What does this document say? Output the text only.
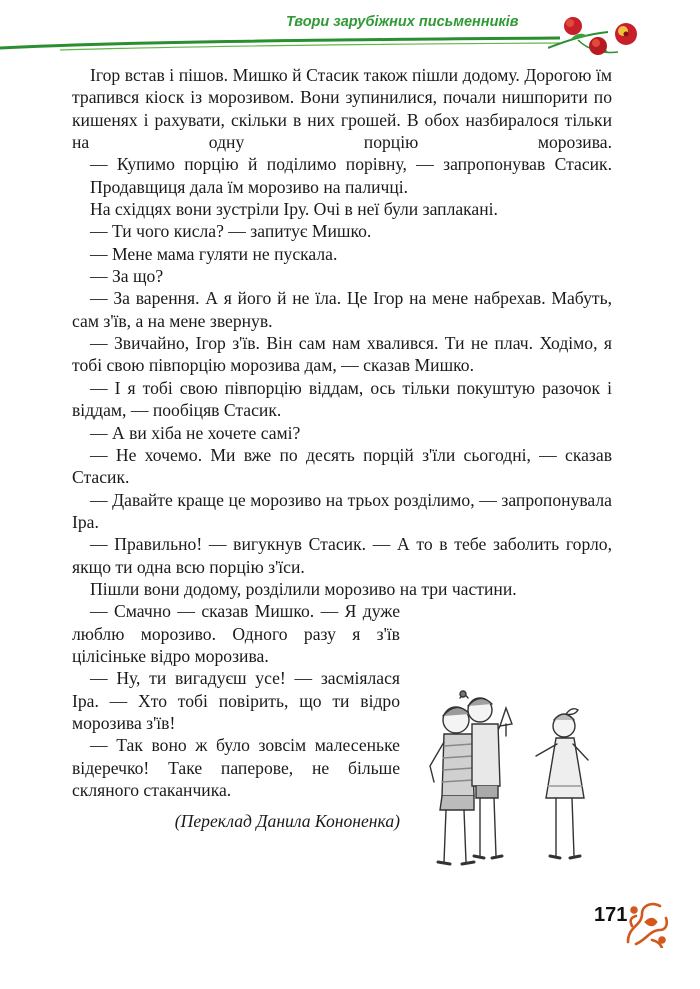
Твори зарубіжних письменників

Ігор встав і пішов. Мишко й Стасик також пішли додому. Дорогою їм трапився кіоск із морозивом. Вони зупинилися, почали нишпорити по кишенях і рахувати, скільки в них грошей. В обох назбиралося тільки на одну порцію морозива.

— Купимо порцію й поділимо порівну, — запропонував Стасик.

Продавщиця дала їм морозиво на паличці.

На східцях вони зустріли Іру. Очі в неї були заплакані.

— Ти чого кисла? — запитує Мишко.

— Мене мама гуляти не пускала.

— За що?

— За варення. А я його й не їла. Це Ігор на мене набрехав. Мабуть, сам з'їв, а на мене звернув.

— Звичайно, Ігор з'їв. Він сам нам хвалився. Ти не плач. Ходімо, я тобі свою півпорцію морозива дам, — сказав Мишко.

— І я тобі свою півпорцію віддам, ось тільки покуштую разочок і віддам, — пообіцяв Стасик.

— А ви хіба не хочете самі?

— Не хочемо. Ми вже по десять порцій з'їли сьогодні, — сказав Стасик.

— Давайте краще це морозиво на трьох розділимо, — запропонувала Іра.

— Правильно! — вигукнув Стасик. — А то в тебе заболить горло, якщо ти одна всю порцію з'їси.

Пішли вони додому, розділили морозиво на три частини.

— Смачно — сказав Мишко. — Я дуже люблю морозиво. Одного разу я з'їв цілісіньке відро морозива.

— Ну, ти вигадуєш усе! — засміялася Іра. — Хто тобі повірить, що ти відро морозива з'їв!

— Так воно ж було зовсім малесеньке відеречко! Таке паперове, не більше скляного стаканчика.

(Переклад Данила Кононенка)

171
